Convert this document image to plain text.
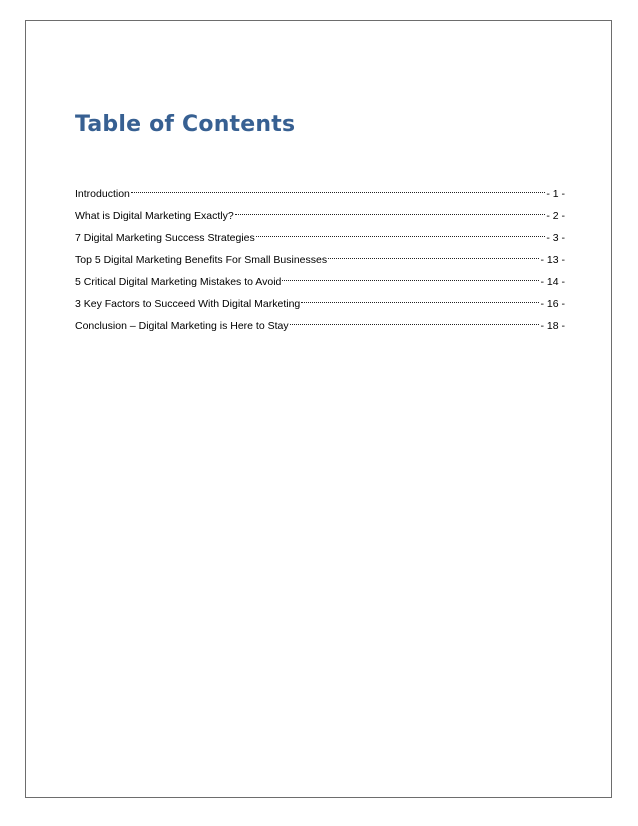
Table of Contents
Introduction	- 1 -
What is Digital Marketing Exactly?	- 2 -
7 Digital Marketing Success Strategies	- 3 -
Top 5 Digital Marketing Benefits For Small Businesses	- 13 -
5 Critical Digital Marketing Mistakes to Avoid	- 14 -
3 Key Factors to Succeed With Digital Marketing	- 16 -
Conclusion – Digital Marketing is Here to Stay	- 18 -
